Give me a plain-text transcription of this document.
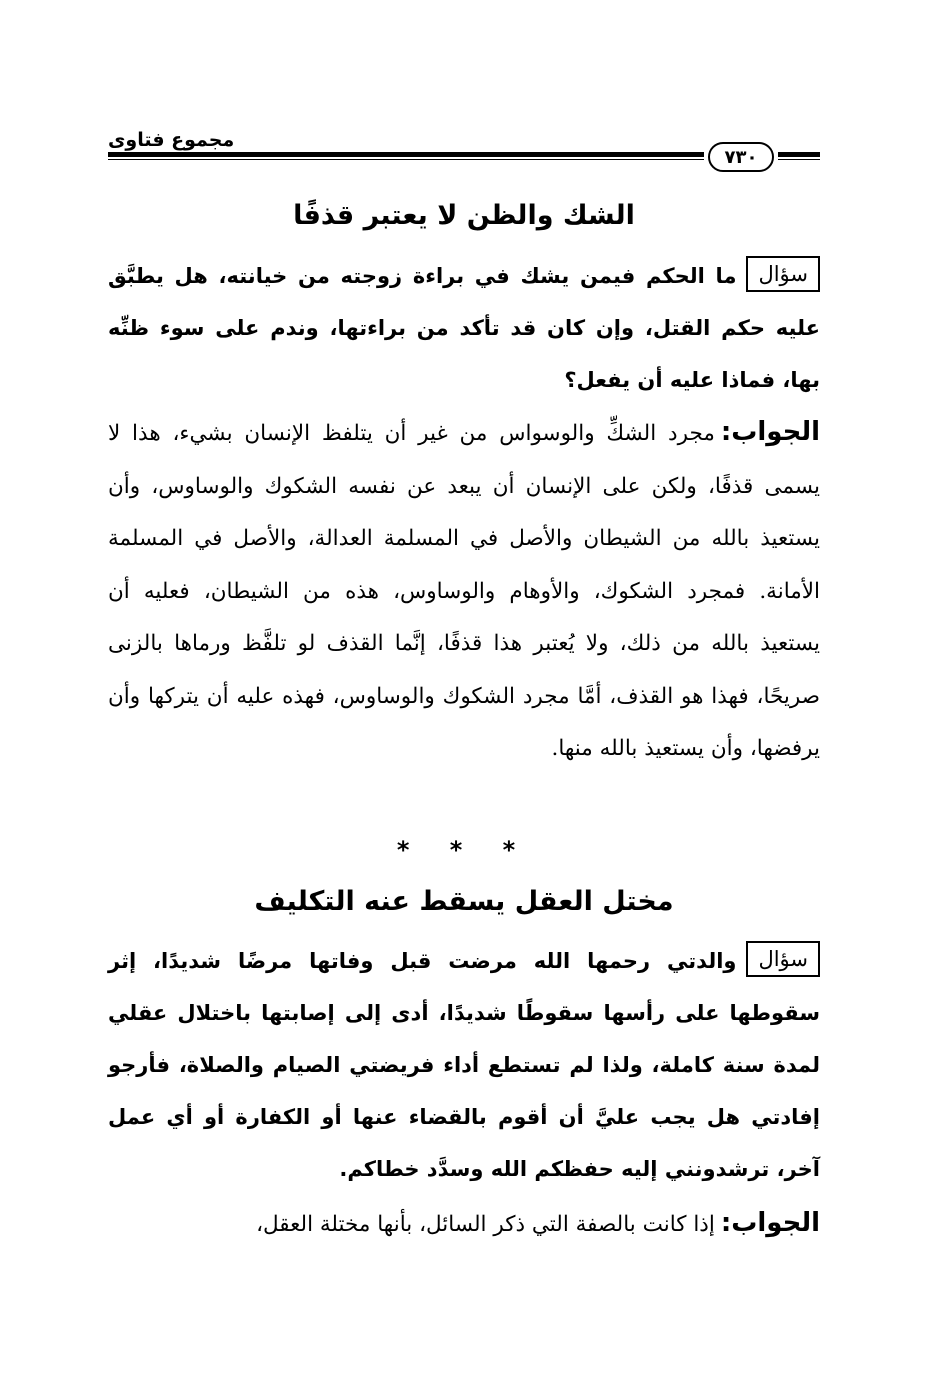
مجموع فتاوى
٧٣٠
الشك والظن لا يعتبر قذفًا
سؤالما الحكم فيمن يشك في براءة زوجته من خيانته، هل يطبَّق عليه حكم القتل، وإن كان قد تأكد من براءتها، وندم على سوء ظنِّه بها، فماذا عليه أن يفعل؟
الجواب:مجرد الشكِّ والوسواس من غير أن يتلفظ الإنسان بشيء، هذا لا يسمى قذفًا، ولكن على الإنسان أن يبعد عن نفسه الشكوك والوساوس، وأن يستعيذ بالله من الشيطان والأصل في المسلمة العدالة، والأصل في المسلمة الأمانة. فمجرد الشكوك، والأوهام والوساوس، هذه من الشيطان، فعليه أن يستعيذ بالله من ذلك، ولا يُعتبر هذا قذفًا، إنَّما القذف لو تلفَّظ ورماها بالزنى صريحًا، فهذا هو القذف، أمَّا مجرد الشكوك والوساوس، فهذه عليه أن يتركها وأن يرفضها، وأن يستعيذ بالله منها.
* * *
مختل العقل يسقط عنه التكليف
سؤالوالدتي رحمها الله مرضت قبل وفاتها مرضًا شديدًا، إثر سقوطها على رأسها سقوطًا شديدًا، أدى إلى إصابتها باختلال عقلي لمدة سنة كاملة، ولذا لم تستطع أداء فريضتي الصيام والصلاة، فأرجو إفادتي هل يجب عليَّ أن أقوم بالقضاء عنها أو الكفارة أو أي عمل آخر، ترشدونني إليه حفظكم الله وسدَّد خطاكم.
الجواب:إذا كانت بالصفة التي ذكر السائل، بأنها مختلة العقل،
